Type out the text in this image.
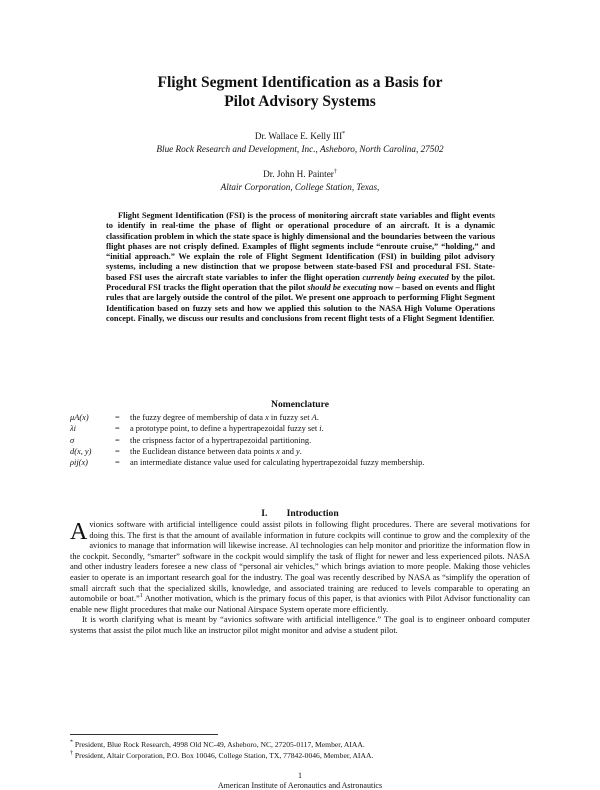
Flight Segment Identification as a Basis for
Pilot Advisory Systems
Dr. Wallace E. Kelly III*
Blue Rock Research and Development, Inc., Asheboro, North Carolina, 27502
Dr. John H. Painter†
Altair Corporation, College Station, Texas,
Flight Segment Identification (FSI) is the process of monitoring aircraft state variables and flight events to identify in real-time the phase of flight or operational procedure of an aircraft. It is a dynamic classification problem in which the state space is highly dimensional and the boundaries between the various flight phases are not crisply defined. Examples of flight segments include “enroute cruise,” “holding,” and “initial approach.” We explain the role of Flight Segment Identification (FSI) in building pilot advisory systems, including a new distinction that we propose between state-based FSI and procedural FSI. State-based FSI uses the aircraft state variables to infer the flight operation currently being executed by the pilot. Procedural FSI tracks the flight operation that the pilot should be executing now – based on events and flight rules that are largely outside the control of the pilot. We present one approach to performing Flight Segment Identification based on fuzzy sets and how we applied this solution to the NASA High Volume Operations concept. Finally, we discuss our results and conclusions from recent flight tests of a Flight Segment Identifier.
Nomenclature
μA(x)	=	the fuzzy degree of membership of data x in fuzzy set A.
λi	=	a prototype point, to define a hypertrapezoidal fuzzy set i.
σ	=	the crispness factor of a hypertrapezoidal partitioning.
d(x, y)	=	the Euclidean distance between data points x and y.
ρij(x)	=	an intermediate distance value used for calculating hypertrapezoidal fuzzy membership.
I.  Introduction

Avionics software with artificial intelligence could assist pilots in following flight procedures. There are several motivations for doing this. The first is that the amount of available information in future cockpits will continue to grow and the complexity of the avionics to manage that information will likewise increase. AI technologies can help monitor and prioritize the information flow in the cockpit. Secondly, “smarter” software in the cockpit would simplify the task of flight for newer and less experienced pilots. NASA and other industry leaders foresee a new class of “personal air vehicles,” which brings aviation to more people. Making those vehicles easier to operate is an important research goal for the industry. The goal was recently described by NASA as “simplify the operation of small aircraft such that the specialized skills, knowledge, and associated training are reduced to levels comparable to operating an automobile or boat.”$^1$ Another motivation, which is the primary focus of this paper, is that avionics with Pilot Advisor functionality can enable new flight procedures that make our National Airspace System operate more efficiently.

It is worth clarifying what is meant by “avionics software with artificial intelligence.” The goal is to engineer onboard computer systems that assist the pilot much like an instructor pilot might monitor and advise a student pilot.

* President, Blue Rock Research, 4998 Old NC-49, Asheboro, NC, 27205-0117, Member, AIAA.
† President, Altair Corporation, P.O. Box 10046, College Station, TX, 77842-0046, Member, AIAA.
1
American Institute of Aeronautics and Astronautics
